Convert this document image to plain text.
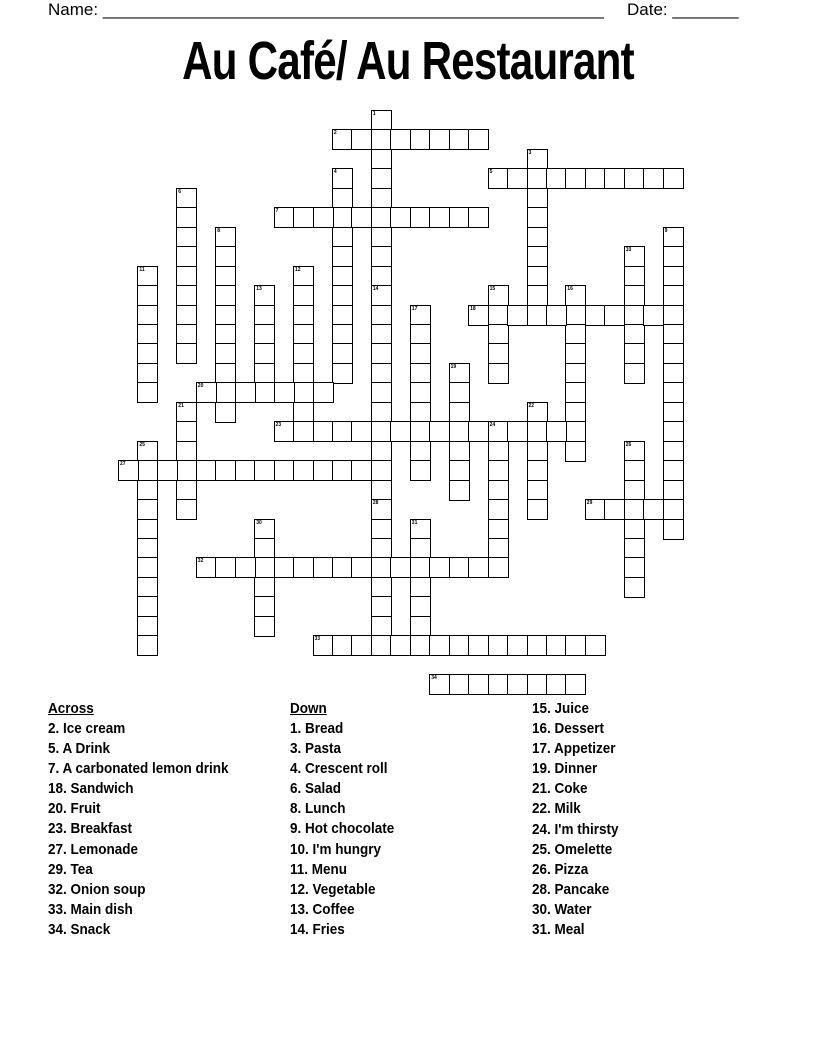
Name: _____________________________________________________ Date: _______
Au Café/ Au Restaurant
1
14
2
3
4	5
6
7
8	9
10
11	12
13
28
15	16
17	18
19
20
21	22
23	24
25	26
27
29
30	31
32
33
34
Across
2. Ice cream
5. A Drink
7. A carbonated lemon drink
18. Sandwich
20. Fruit
23. Breakfast
27. Lemonade
29. Tea
32. Onion soup
33. Main dish
34. Snack
Down
1. Bread
3. Pasta
4. Crescent roll
6. Salad
8. Lunch
9. Hot chocolate
10. I'm hungry
11. Menu
12. Vegetable
13. Coffee
14. Fries
15. Juice
16. Dessert
17. Appetizer
19. Dinner
21. Coke
22. Milk
24. I'm thirsty
25. Omelette
26. Pizza
28. Pancake
30. Water
31. Meal
